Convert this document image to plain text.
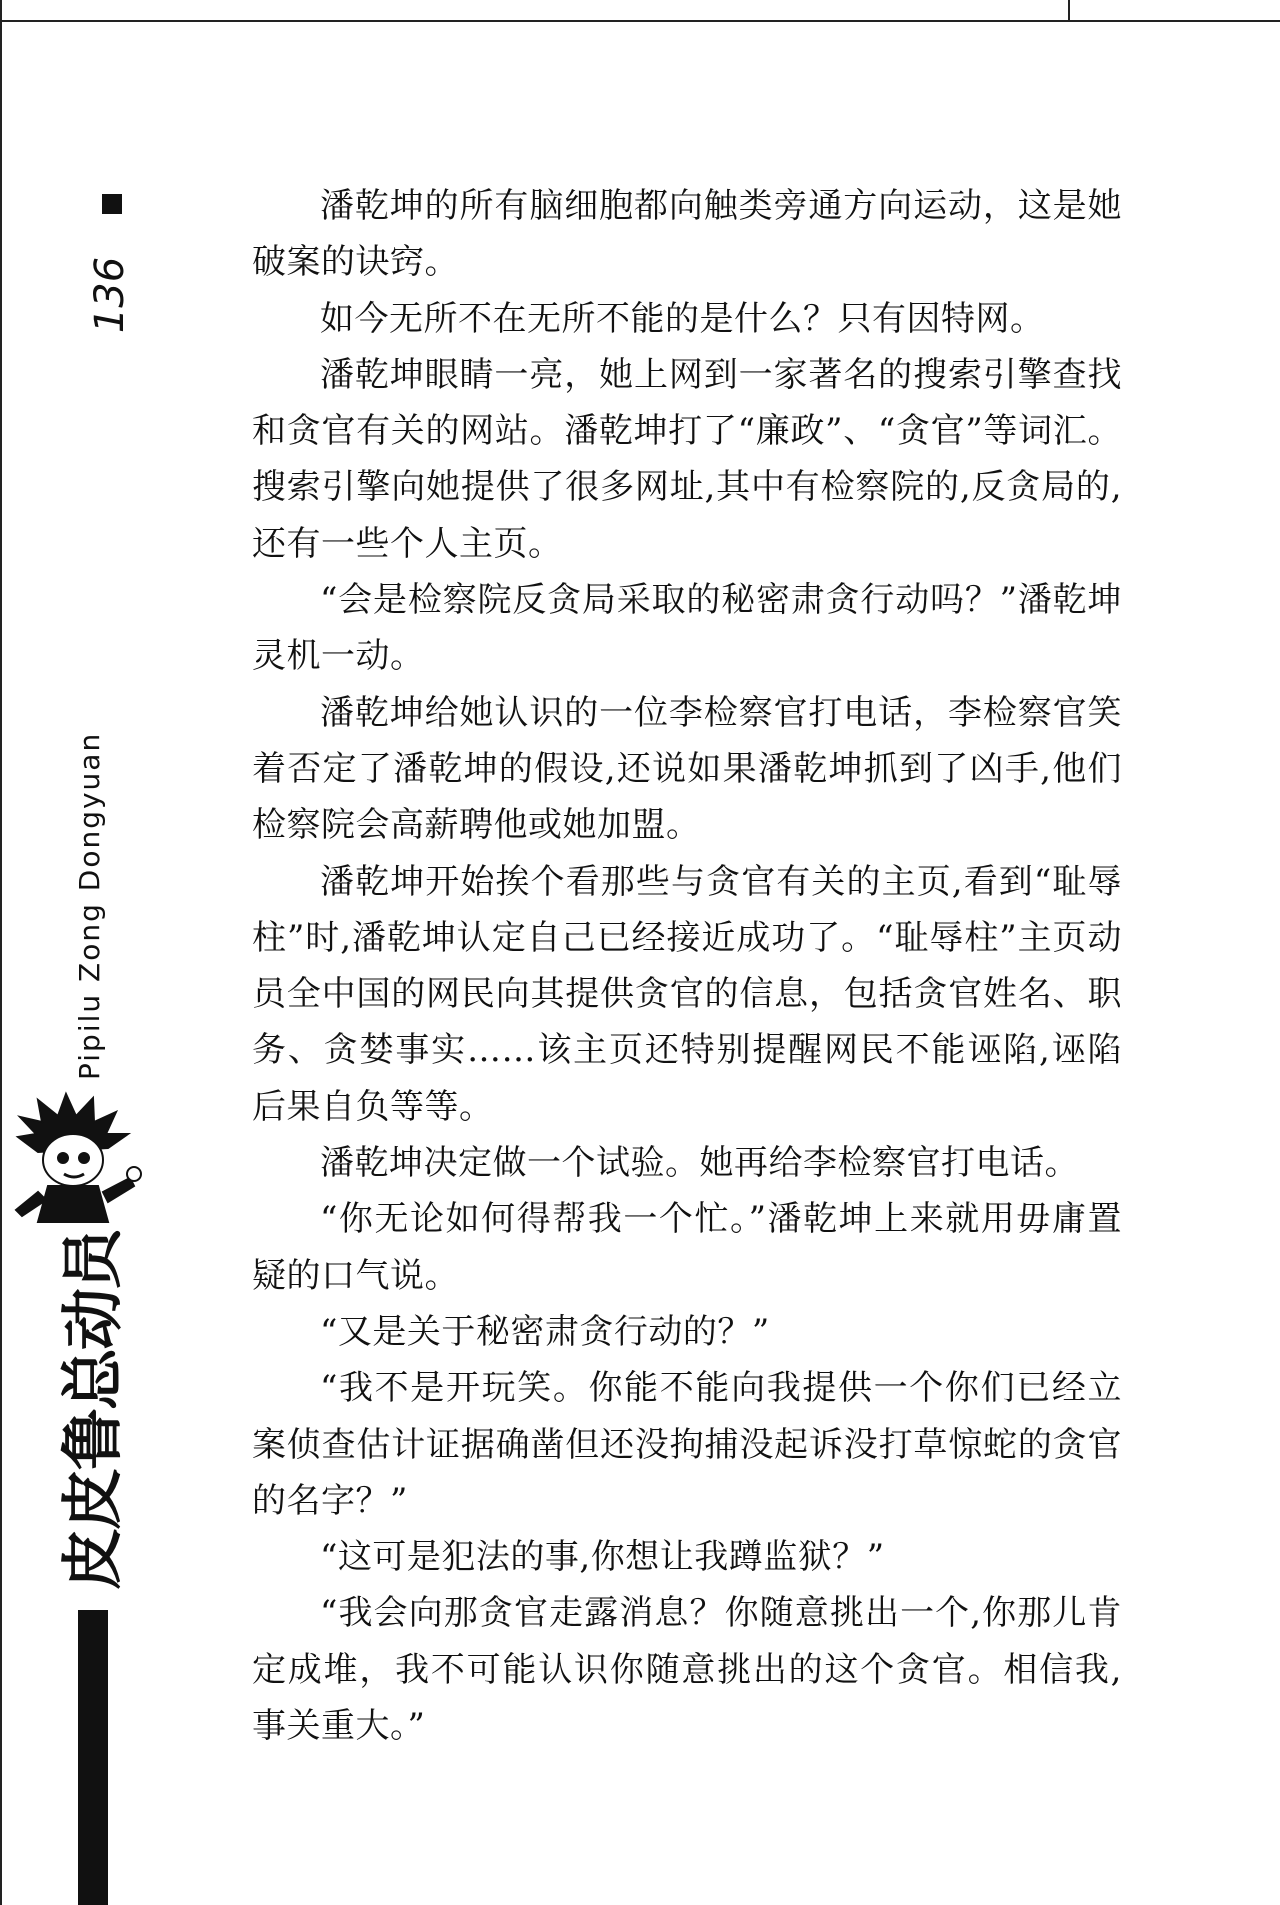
136
Pipilu Zong Dongyuan
皮皮鲁总动员

潘乾坤的所有脑细胞都向触类旁通方向运动，这是她破案的诀窍。

如今无所不在无所不能的是什么？只有因特网。

潘乾坤眼睛一亮，她上网到一家著名的搜索引擎查找和贪官有关的网站。潘乾坤打了“廉政”、“贪官”等词汇。搜索引擎向她提供了很多网址,其中有检察院的,反贪局的,还有一些个人主页。

“会是检察院反贪局采取的秘密肃贪行动吗？”潘乾坤灵机一动。

潘乾坤给她认识的一位李检察官打电话，李检察官笑着否定了潘乾坤的假设,还说如果潘乾坤抓到了凶手,他们检察院会高薪聘他或她加盟。

潘乾坤开始挨个看那些与贪官有关的主页,看到“耻辱柱”时,潘乾坤认定自己已经接近成功了。“耻辱柱”主页动员全中国的网民向其提供贪官的信息，包括贪官姓名、职务、贪婪事实……该主页还特别提醒网民不能诬陷,诬陷后果自负等等。

潘乾坤决定做一个试验。她再给李检察官打电话。

“你无论如何得帮我一个忙。”潘乾坤上来就用毋庸置疑的口气说。

“又是关于秘密肃贪行动的？”

“我不是开玩笑。你能不能向我提供一个你们已经立案侦查估计证据确凿但还没拘捕没起诉没打草惊蛇的贪官的名字？”

“这可是犯法的事,你想让我蹲监狱？”

“我会向那贪官走露消息？你随意挑出一个,你那儿肯定成堆，我不可能认识你随意挑出的这个贪官。相信我,事关重大。”
